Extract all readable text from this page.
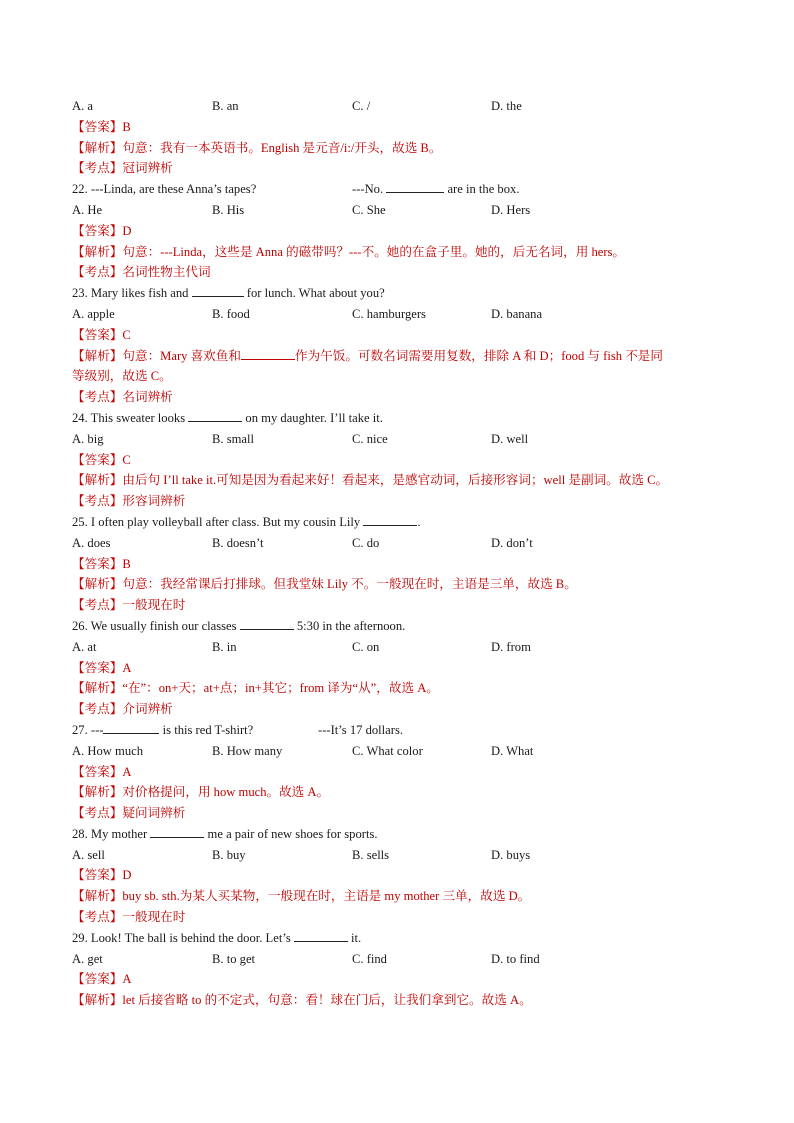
A. a	B. an	C. /	D. the
【答案】B
【解析】句意：我有一本英语书。English 是元音/i:/开头，故选 B。
【考点】冠词辨析
22. ---Linda, are these Anna’s tapes?	---No.	are in the box.
A. He	B. His	C. She	D. Hers
【答案】D
【解析】句意：---Linda，这些是 Anna 的磁带吗？---不。她的在盒子里。她的，后无名词，用 hers。
【考点】名词性物主代词
23. Mary likes fish and	for lunch. What about you?
A. apple	B. food	C. hamburgers	D. banana
【答案】C
【解析】句意：Mary 喜欢鱼和	作为午饭。可数名词需要用复数，排除 A 和 D；food 与 fish 不是同
等级别，故选 C。
【考点】名词辨析
24. This sweater looks	on my daughter. I’ll take it.
A. big	B. small	C. nice	D. well
【答案】C
【解析】由后句 I’ll take it.可知是因为看起来好！看起来，是感官动词，后接形容词；well 是副词。故选 C。
【考点】形容词辨析
25. I often play volleyball after class. But my cousin Lily	.
A. does	B. doesn’t	C. do	D. don’t
【答案】B
【解析】句意：我经常课后打排球。但我堂妹 Lily 不。一般现在时，主语是三单，故选 B。
【考点】一般现在时
26. We usually finish our classes	5:30 in the afternoon.
A. at	B. in	C. on	D. from
【答案】A
【解析】“在”：on+天；at+点；in+其它；from 译为“从”，故选 A。
【考点】介词辨析
27. ---	is this red T-shirt?	---It’s 17 dollars.
A. How much	B. How many	C. What color	D. What
【答案】A
【解析】对价格提问，用 how much。故选 A。
【考点】疑问词辨析
28. My mother	me a pair of new shoes for sports.
A. sell	B. buy	B. sells	D. buys
【答案】D
【解析】buy sb. sth.为某人买某物，一般现在时，主语是 my mother 三单，故选 D。
【考点】一般现在时
29. Look! The ball is behind the door. Let’s	it.
A. get	B. to get	C. find	D. to find
【答案】A
【解析】let 后接省略 to 的不定式，句意：看！球在门后，让我们拿到它。故选 A。
